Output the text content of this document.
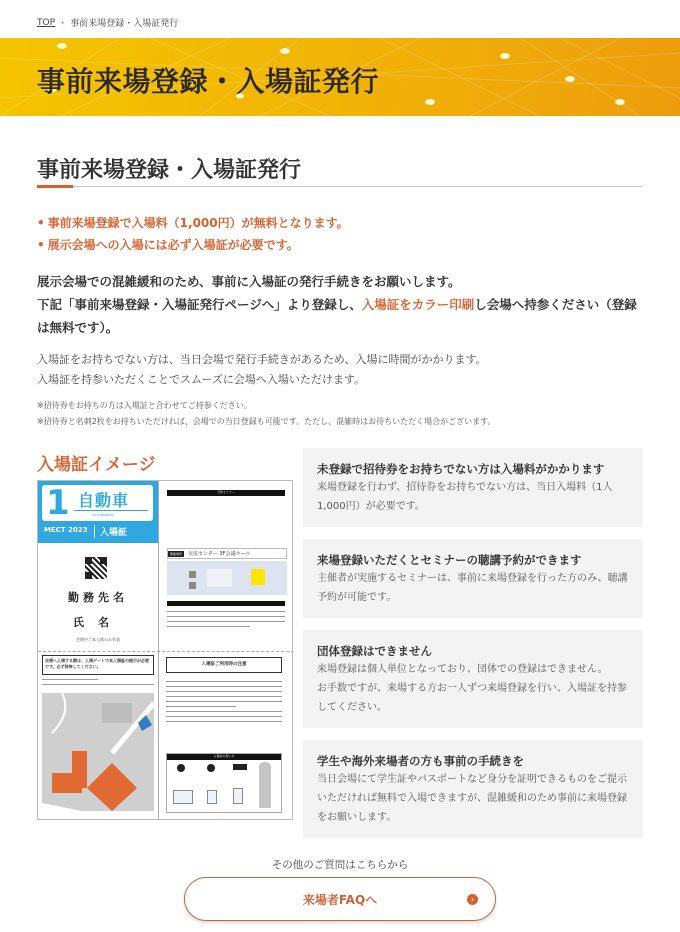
TOP › 事前来場登録・入場証発行
事前来場登録・入場証発行
事前来場登録・入場証発行
• 事前来場登録で入場料（1,000円）が無料となります。
• 展示会場への入場には必ず入場証が必要です。
展示会場での混雑緩和のため、事前に入場証の発行手続きをお願いします。
下記「事前来場登録・入場証発行ページへ」より登録し、入場証をカラー印刷し会場へ持参ください（登録は無料です）。
入場証をお持ちでない方は、当日会場で発行手続きがあるため、入場に時間がかかります。
入場証を持参いただくことでスムーズに会場へ入場いただけます。
※招待券をお持ちの方は入場証と合わせてご持参ください。
※招待券と名刺2枚をお持ちいただければ、会場での当日登録も可能です。ただし、混雑時はお待ちいただく場合がございます。
入場証イメージ
1 自動車
AUTOMOBILES
MECT 2023	入場証
勤務先名
氏名
会期中ご本人様のみ有効
予約セミナー
開催場所	交流センター 3F会議ホール
会場へ入場する際は、入場ゲートで本入場証の提示が必要です。必ず持参してください。	入場証ご利用時の注意
入場証の使い方
未登録で招待券をお持ちでない方は入場料がかかります

来場登録を行わず、招待券をお持ちでない方は、当日入場料（1人1,000円）が必要です。

来場登録いただくとセミナーの聴講予約ができます

主催者が実施するセミナーは、事前に来場登録を行った方のみ、聴講予約が可能です。

団体登録はできません

来場登録は個人単位となっており、団体での登録はできません。

お手数ですが、来場する方お一人ずつ来場登録を行い、入場証を持参してください。

学生や海外来場者の方も事前の手続きを

当日会場にて学生証やパスポートなど身分を証明できるものをご提示いただければ無料で入場できますが、混雑緩和のため事前に来場登録をお願いします。

その他のご質問はこちらから
来場者FAQへ	›
